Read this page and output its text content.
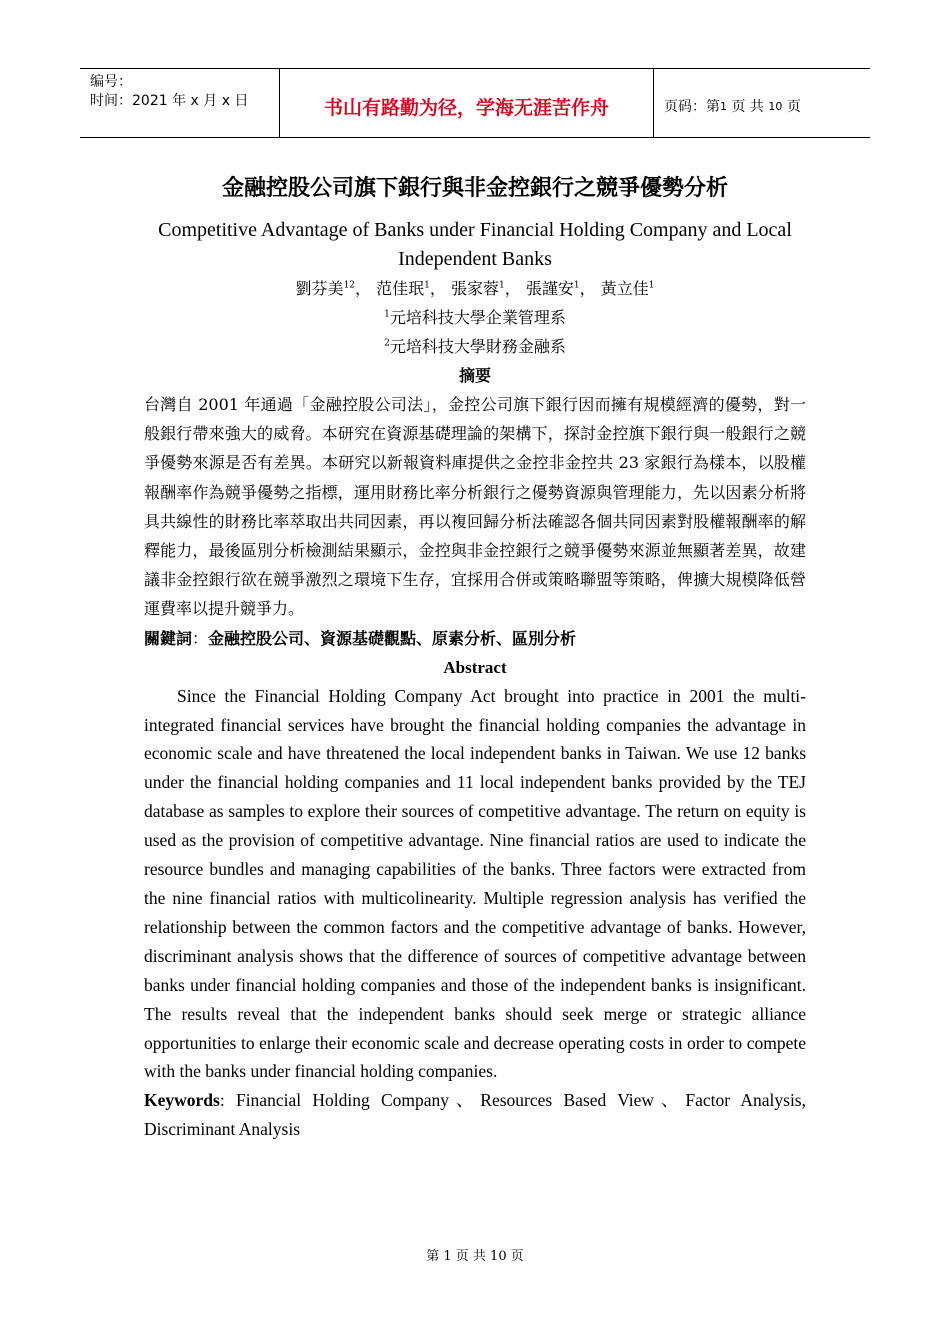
编号：
时间：2021 年 x 月 x 日	书山有路勤为径，学海无涯苦作舟	页码：第 1
页 共
10
页
金融控股公司旗下銀行與非金控銀行之競爭優勢分析
Competitive Advantage of Banks under Financial Holding Company and Local Independent Banks
劉芬美$^{12}$， 范佳珉$^1$， 張家蓉$^1$， 張謹安$^1$， 黃立佳$^1$
$^1$元培科技大學企業管理系
$^2$元培科技大學財務金融系
摘要

台灣自 2001 年通過「金融控股公司法」，金控公司旗下銀行因而擁有規模經濟的優勢，對一般銀行帶來強大的威脅。本研究在資源基礎理論的架構下，探討金控旗下銀行與一般銀行之競爭優勢來源是否有差異。本研究以新報資料庫提供之金控非金控共 23 家銀行為樣本，以股權報酬率作為競爭優勢之指標，運用財務比率分析銀行之優勢資源與管理能力，先以因素分析將具共線性的財務比率萃取出共同因素，再以複回歸分析法確認各個共同因素對股權報酬率的解釋能力，最後區別分析檢測結果顯示，金控與非金控銀行之競爭優勢來源並無顯著差異，故建議非金控銀行欲在競爭激烈之環境下生存，宜採用合併或策略聯盟等策略，俾擴大規模降低營運費率以提升競爭力。

關鍵詞：金融控股公司、資源基礎觀點、原素分析、區別分析
Abstract

Since the Financial Holding Company Act brought into practice in 2001 the multi-integrated financial services have brought the financial holding companies the advantage in economic scale and have threatened the local independent banks in Taiwan. We use 12 banks under the financial holding companies and 11 local independent banks provided by the TEJ database as samples to explore their sources of competitive advantage. The return on equity is used as the provision of competitive advantage. Nine financial ratios are used to indicate the resource bundles and managing capabilities of the banks. Three factors were extracted from the nine financial ratios with multicolinearity. Multiple regression analysis has verified the relationship between the common factors and the competitive advantage of banks. However, discriminant analysis shows that the difference of sources of competitive advantage between banks under financial holding companies and those of the independent banks is insignificant. The results reveal that the independent banks should seek merge or strategic alliance opportunities to enlarge their economic scale and decrease operating costs in order to compete with the banks under financial holding companies.

Keywords: Financial Holding Company、Resources Based View、Factor Analysis, Discriminant Analysis
第 1 页 共 10 页
